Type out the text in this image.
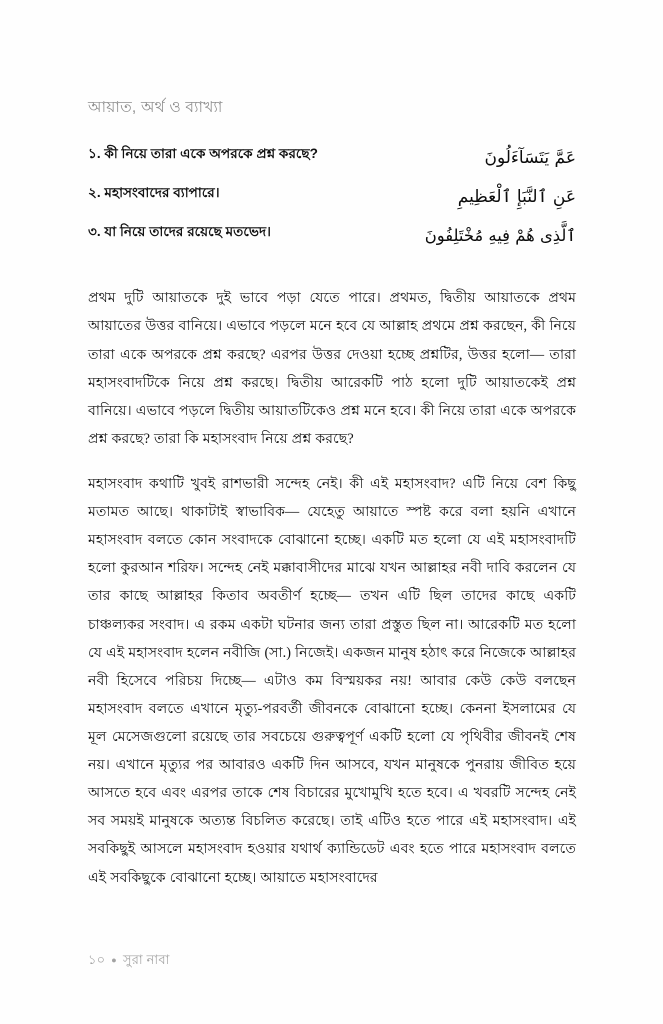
আয়াত, অর্থ ও ব্যাখ্যা
১. কী নিয়ে তারা একে অপরকে প্রশ্ন করছে?	عَمَّ يَتَسَآءَلُونَ
২. মহাসংবাদের ব্যাপারে।	عَنِ ٱلنَّبَإِ ٱلْعَظِيمِ
৩. যা নিয়ে তাদের রয়েছে মতভেদ।	ٱلَّذِى هُمْ فِيهِ مُخْتَلِفُونَ

প্রথম দুটি আয়াতকে দুই ভাবে পড়া যেতে পারে। প্রথমত, দ্বিতীয় আয়াতকে প্রথম আয়াতের উত্তর বানিয়ে। এভাবে পড়লে মনে হবে যে আল্লাহ প্রথমে প্রশ্ন করছেন, কী নিয়ে তারা একে অপরকে প্রশ্ন করছে? এরপর উত্তর দেওয়া হচ্ছে প্রশ্নটির, উত্তর হলো— তারা মহাসংবাদটিকে নিয়ে প্রশ্ন করছে। দ্বিতীয় আরেকটি পাঠ হলো দুটি আয়াতকেই প্রশ্ন বানিয়ে। এভাবে পড়লে দ্বিতীয় আয়াতটিকেও প্রশ্ন মনে হবে। কী নিয়ে তারা একে অপরকে প্রশ্ন করছে? তারা কি মহাসংবাদ নিয়ে প্রশ্ন করছে?

মহাসংবাদ কথাটি খুবই রাশভারী সন্দেহ নেই। কী এই মহাসংবাদ? এটি নিয়ে বেশ কিছু মতামত আছে। থাকাটাই স্বাভাবিক— যেহেতু আয়াতে স্পষ্ট করে বলা হয়নি এখানে মহাসংবাদ বলতে কোন সংবাদকে বোঝানো হচ্ছে। একটি মত হলো যে এই মহাসংবাদটি হলো কুরআন শরিফ। সন্দেহ নেই মক্কাবাসীদের মাঝে যখন আল্লাহর নবী দাবি করলেন যে তার কাছে আল্লাহর কিতাব অবতীর্ণ হচ্ছে— তখন এটি ছিল তাদের কাছে একটি চাঞ্চল্যকর সংবাদ। এ রকম একটা ঘটনার জন্য তারা প্রস্তুত ছিল না। আরেকটি মত হলো যে এই মহাসংবাদ হলেন নবীজি (সা.) নিজেই। একজন মানুষ হঠাৎ করে নিজেকে আল্লাহর নবী হিসেবে পরিচয় দিচ্ছে— এটাও কম বিস্ময়কর নয়! আবার কেউ কেউ বলছেন মহাসংবাদ বলতে এখানে মৃত্যু-পরবর্তী জীবনকে বোঝানো হচ্ছে। কেননা ইসলামের যে মূল মেসেজগুলো রয়েছে তার সবচেয়ে গুরুত্বপূর্ণ একটি হলো যে পৃথিবীর জীবনই শেষ নয়। এখানে মৃত্যুর পর আবারও একটি দিন আসবে, যখন মানুষকে পুনরায় জীবিত হয়ে আসতে হবে এবং এরপর তাকে শেষ বিচারের মুখোমুখি হতে হবে। এ খবরটি সন্দেহ নেই সব সময়ই মানুষকে অত্যন্ত বিচলিত করেছে। তাই এটিও হতে পারে এই মহাসংবাদ। এই সবকিছুই আসলে মহাসংবাদ হওয়ার যথার্থ ক্যান্ডিডেট এবং হতে পারে মহাসংবাদ বলতে এই সবকিছুকে বোঝানো হচ্ছে। আয়াতে মহাসংবাদের

১০ ● সুরা নাবা
